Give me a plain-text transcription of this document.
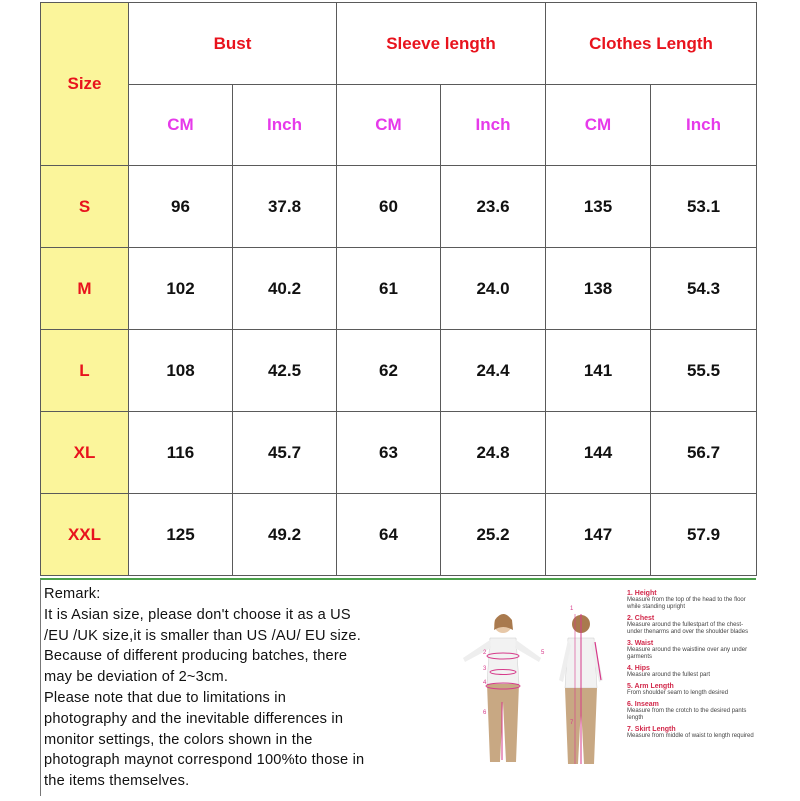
Size	Bust		Sleeve length		Clothes Length	
	CM	Inch	CM	Inch	CM	Inch
S	96	37.8	60	23.6	135	53.1
M	102	40.2	61	24.0	138	54.3
L	108	42.5	62	24.4	141	55.5
XL	116	45.7	63	24.8	144	56.7
XXL	125	49.2	64	25.2	147	57.9
Remark:
It is Asian size, please don't choose it as a US
/EU /UK size,it is smaller than US /AU/ EU size.
Because of different producing batches, there
may be deviation of 2~3cm.
Please note that due to limitations in
photography and the inevitable differences in
monitor settings, the colors shown in the
photograph maynot correspond 100%to those in
the items themselves.
2
3
4
5
6
1
7
1. Height
Measure from the top of the head to the floor while standing upright
2. Chest
Measure around the fullestpart of the chest-under thenarms and over the shoulder blades
3. Waist
Measure around the waistline over any under garments
4. Hips
Measure around the fullest part
5. Arm Length
From shoulder seam to length desired
6. Inseam
Measure from the crotch to the desired pants length
7. Skirt Length
Measure from middle of waist to length required
